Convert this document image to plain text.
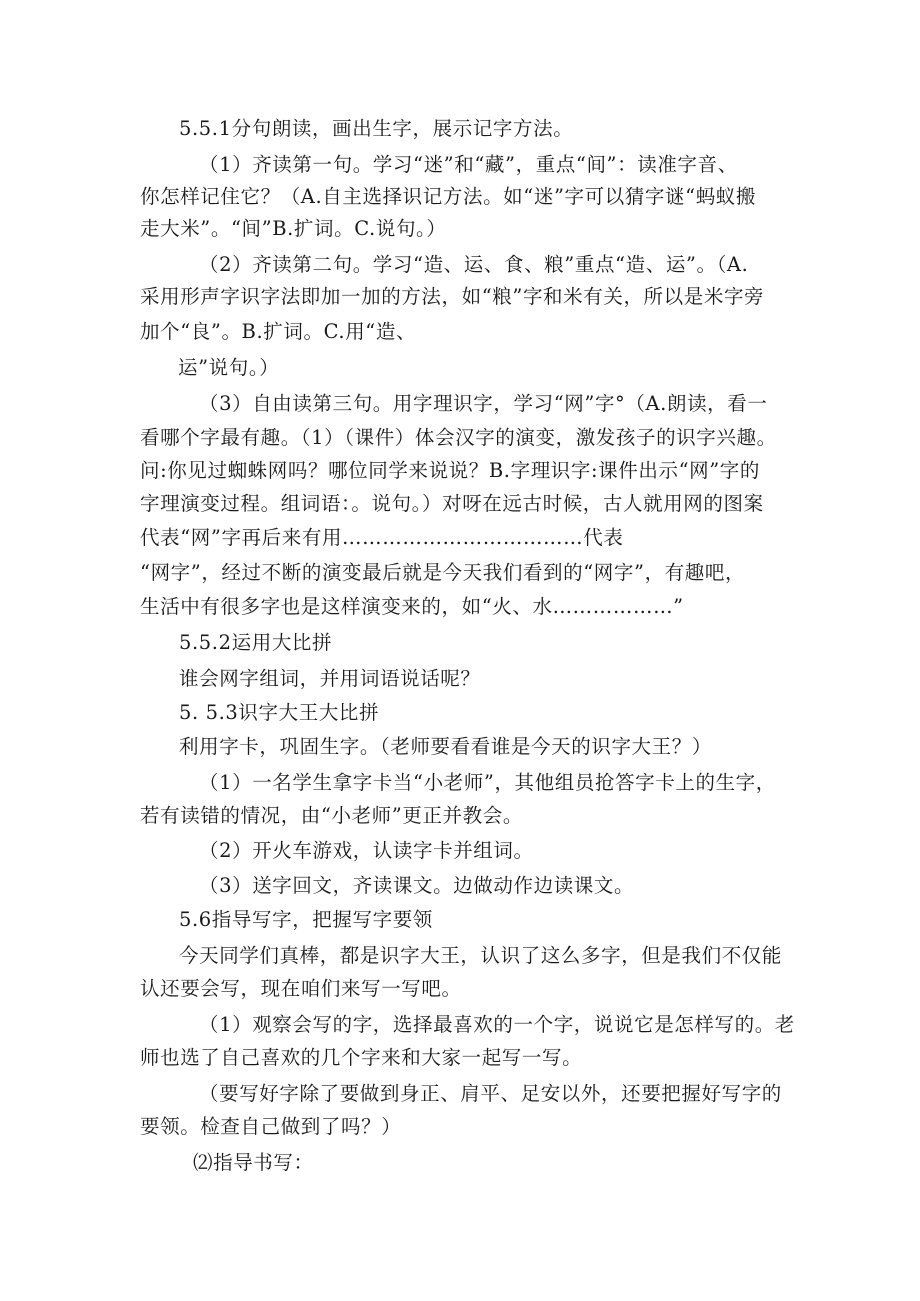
5.5.1分句朗读，画出生字，展示记字方法。
（1）齐读第一句。学习“迷”和“藏”，重点“间”：读准字音、
你怎样记住它？（A.自主选择识记方法。如“迷”字可以猜字谜“蚂蚁搬
走大米”。“间”B.扩词。C.说句。）
（2）齐读第二句。学习“造、运、食、粮”重点“造、运”。（A.
采用形声字识字法即加一加的方法，如“粮”字和米有关，所以是米字旁
加个“良”。B.扩词。C.用“造、
运”说句。）
（3）自由读第三句。用字理识字，学习“网”字°（A.朗读，看一
看哪个字最有趣。（1）（课件）体会汉字的演变，激发孩子的识字兴趣。
问:你见过蜘蛛网吗？哪位同学来说说？B.字理识字:课件出示“网”字的
字理演变过程。组词语：。说句。）对呀在远古时候，古人就用网的图案
代表“网”字再后来有用………………………………代表
“网字”，经过不断的演变最后就是今天我们看到的“网字”，有趣吧，
生活中有很多字也是这样演变来的，如“火、水………………”
5.5.2运用大比拼
谁会网字组词，并用词语说话呢？
5. 5.3识字大王大比拼
利用字卡，巩固生字。（老师要看看谁是今天的识字大王？）
（1）一名学生拿字卡当“小老师”，其他组员抢答字卡上的生字，
若有读错的情况，由“小老师”更正并教会。
（2）开火车游戏，认读字卡并组词。
（3）送字回文，齐读课文。边做动作边读课文。
5.6指导写字，把握写字要领
今天同学们真棒，都是识字大王，认识了这么多字，但是我们不仅能
认还要会写，现在咱们来写一写吧。
（1）观察会写的字，选择最喜欢的一个字，说说它是怎样写的。老
师也选了自己喜欢的几个字来和大家一起写一写。
（要写好字除了要做到身正、肩平、足安以外，还要把握好写字的
要领。检查自己做到了吗？）
⑵指导书写：
